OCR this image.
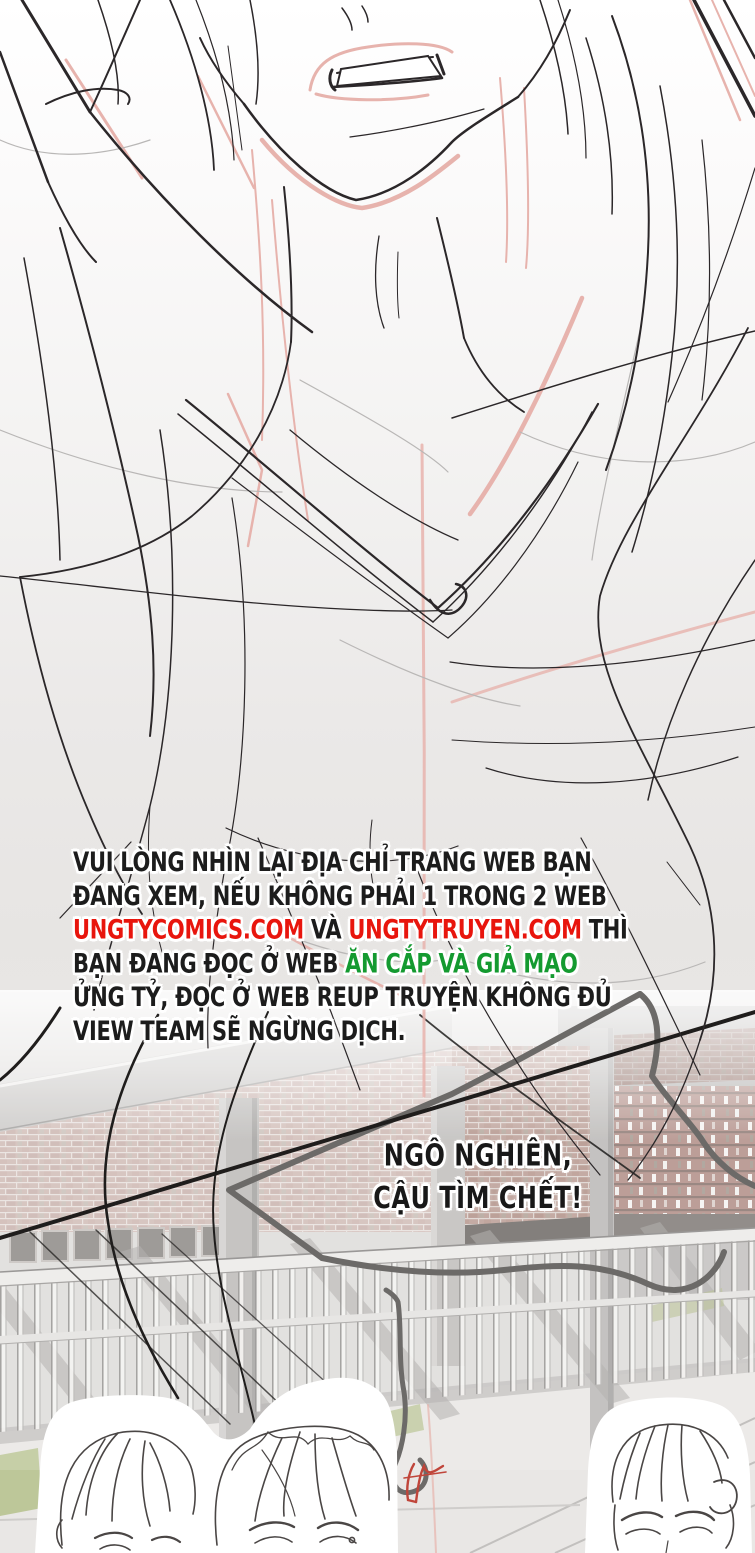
VUI LÒNG NHÌN LẠI ĐỊA CHỈ TRANG WEB BẠN
ĐANG XEM, NẾU KHÔNG PHẢI 1 TRONG 2 WEB
UNGTYCOMICS.COM VÀ UNGTYTRUYEN.COM THÌ
BẠN ĐANG ĐỌC Ở WEB ĂN CẮP VÀ GIẢ MẠO
ỬNG TỶ, ĐỌC Ở WEB REUP TRUYỆN KHÔNG ĐỦ
VIEW TEAM SẼ NGỪNG DỊCH.
NGÔ NGHIÊN,
CẬU TÌM CHẾT!
